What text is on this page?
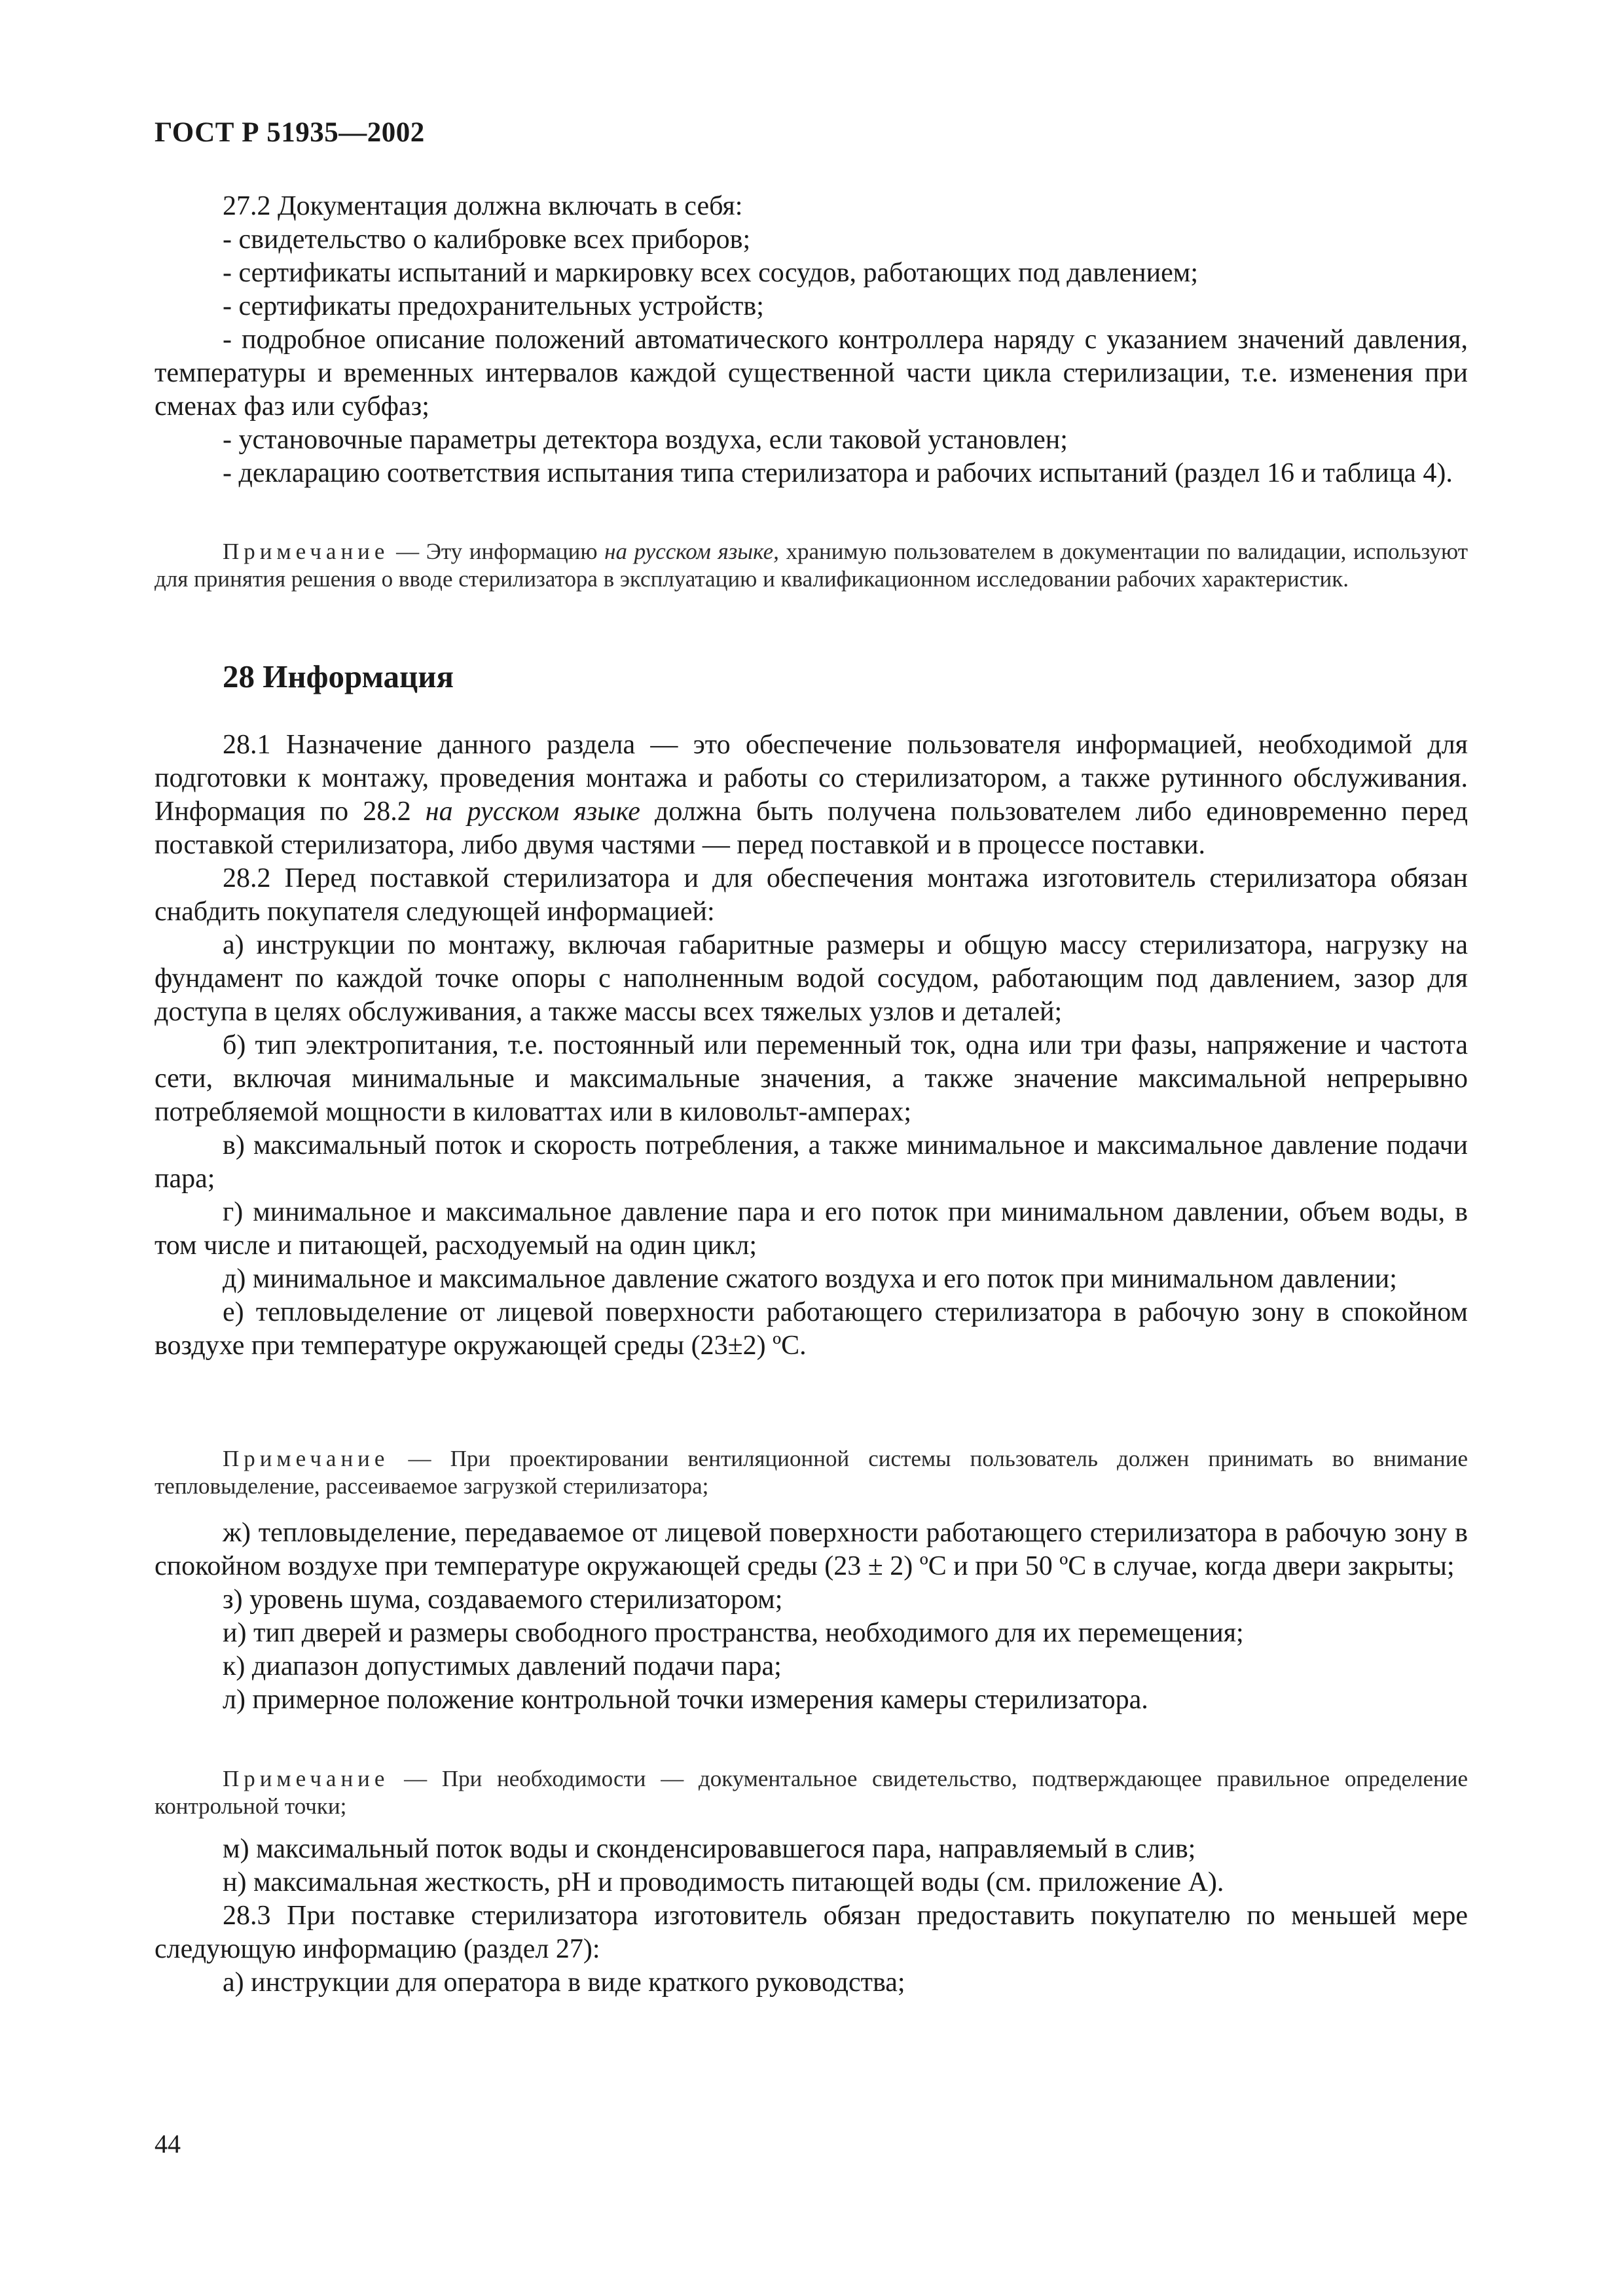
ГОСТ Р 51935—2002

27.2 Документация должна включать в себя:

- свидетельство о калибровке всех приборов;

- сертификаты испытаний и маркировку всех сосудов, работающих под давлением;

- сертификаты предохранительных устройств;

- подробное описание положений автоматического контроллера наряду с указанием значений давления, температуры и временных интервалов каждой существенной части цикла стерилизации, т.е. изменения при сменах фаз или субфаз;

- установочные параметры детектора воздуха, если таковой установлен;

- декларацию соответствия испытания типа стерилизатора и рабочих испытаний (раздел 16 и таблица 4).

Примечание — Эту информацию на русском языке, хранимую пользователем в документации по валидации, используют для принятия решения о вводе стерилизатора в эксплуатацию и квалификационном исследовании рабочих характеристик.

28 Информация

28.1 Назначение данного раздела — это обеспечение пользователя информацией, необходимой для подготовки к монтажу, проведения монтажа и работы со стерилизатором, а также рутинного обслуживания. Информация по 28.2 на русском языке должна быть получена пользователем либо единовременно перед поставкой стерилизатора, либо двумя частями — перед поставкой и в процессе поставки.

28.2 Перед поставкой стерилизатора и для обеспечения монтажа изготовитель стерилизатора обязан снабдить покупателя следующей информацией:

а) инструкции по монтажу, включая габаритные размеры и общую массу стерилизатора, нагрузку на фундамент по каждой точке опоры с наполненным водой сосудом, работающим под давлением, зазор для доступа в целях обслуживания, а также массы всех тяжелых узлов и деталей;

б) тип электропитания, т.е. постоянный или переменный ток, одна или три фазы, напряжение и частота сети, включая минимальные и максимальные значения, а также значение максимальной непрерывно потребляемой мощности в киловаттах или в киловольт-амперах;

в) максимальный поток и скорость потребления, а также минимальное и максимальное давление подачи пара;

г) минимальное и максимальное давление пара и его поток при минимальном давлении, объем воды, в том числе и питающей, расходуемый на один цикл;

д) минимальное и максимальное давление сжатого воздуха и его поток при минимальном давлении;

е) тепловыделение от лицевой поверхности работающего стерилизатора в рабочую зону в спокойном воздухе при температуре окружающей среды (23±2) ºС.

Примечание — При проектировании вентиляционной системы пользователь должен принимать во внимание тепловыделение, рассеиваемое загрузкой стерилизатора;

ж) тепловыделение, передаваемое от лицевой поверхности работающего стерилизатора в рабочую зону в спокойном воздухе при температуре окружающей среды (23 ± 2) ºС и при 50 ºС в случае, когда двери закрыты;

з) уровень шума, создаваемого стерилизатором;

и) тип дверей и размеры свободного пространства, необходимого для их перемещения;

к) диапазон допустимых давлений подачи пара;

л) примерное положение контрольной точки измерения камеры стерилизатора.

Примечание — При необходимости — документальное свидетельство, подтверждающее правильное определение контрольной точки;

м) максимальный поток воды и сконденсировавшегося пара, направляемый в слив;

н) максимальная жесткость, рН и проводимость питающей воды (см. приложение А).

28.3 При поставке стерилизатора изготовитель обязан предоставить покупателю по меньшей мере следующую информацию (раздел 27):

а) инструкции для оператора в виде краткого руководства;

44
